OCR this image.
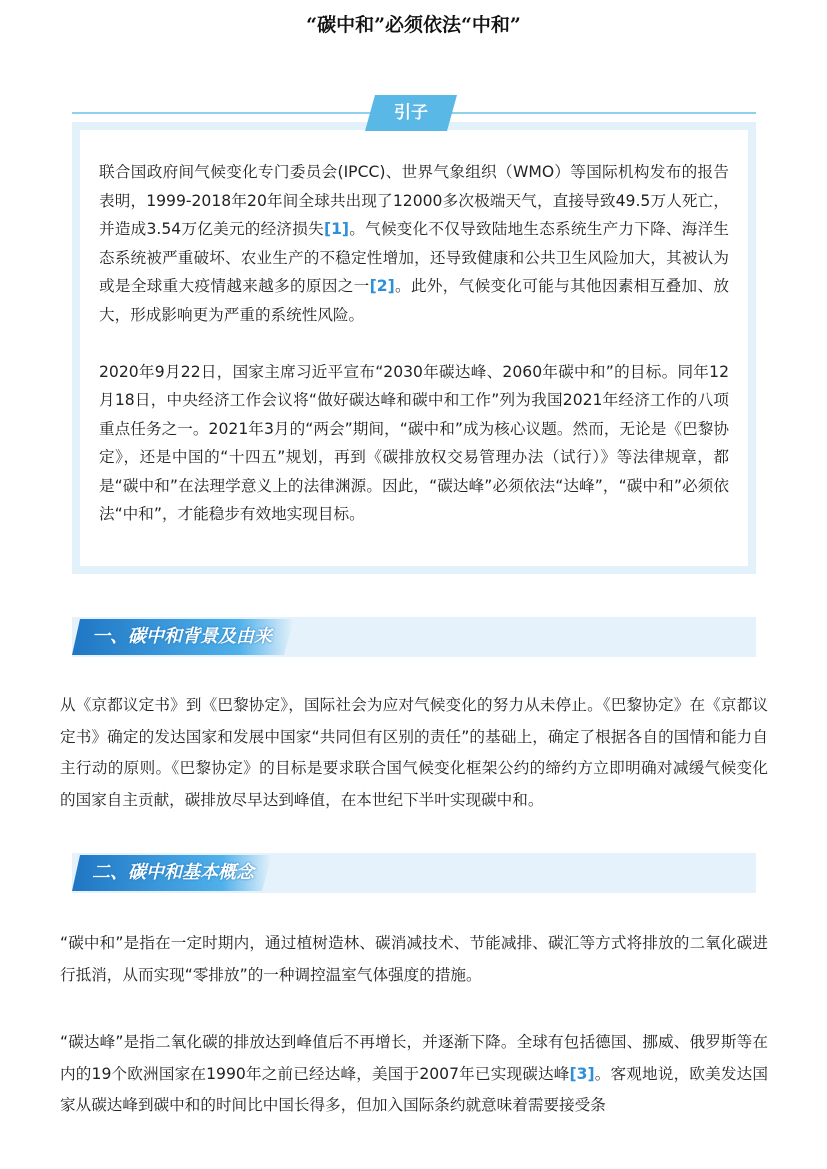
“碳中和”必须依法“中和”

联合国政府间气候变化专门委员会(IPCC)、世界气象组织（WMO）等国际机构发布的报告表明，1999-2018年20年间全球共出现了12000多次极端天气，直接导致49.5万人死亡，并造成3.54万亿美元的经济损失[1]。气候变化不仅导致陆地生态系统生产力下降、海洋生态系统被严重破坏、农业生产的不稳定性增加，还导致健康和公共卫生风险加大，其被认为或是全球重大疫情越来越多的原因之一[2]。此外，气候变化可能与其他因素相互叠加、放大，形成影响更为严重的系统性风险。

2020年9月22日，国家主席习近平宣布“2030年碳达峰、2060年碳中和”的目标。同年12月18日，中央经济工作会议将“做好碳达峰和碳中和工作”列为我国2021年经济工作的八项重点任务之一。2021年3月的“两会”期间，“碳中和”成为核心议题。然而，无论是《巴黎协定》，还是中国的“十四五”规划，再到《碳排放权交易管理办法（试行）》等法律规章，都是“碳中和”在法理学意义上的法律渊源。因此，“碳达峰”必须依法“达峰”，“碳中和”必须依法“中和”，才能稳步有效地实现目标。

引子
一、碳中和背景及由来

从《京都议定书》到《巴黎协定》，国际社会为应对气候变化的努力从未停止。《巴黎协定》在《京都议定书》确定的发达国家和发展中国家“共同但有区别的责任”的基础上，确定了根据各自的国情和能力自主行动的原则。《巴黎协定》的目标是要求联合国气候变化框架公约的缔约方立即明确对减缓气候变化的国家自主贡献，碳排放尽早达到峰值，在本世纪下半叶实现碳中和。

二、碳中和基本概念

“碳中和”是指在一定时期内，通过植树造林、碳消减技术、节能减排、碳汇等方式将排放的二氧化碳进行抵消，从而实现“零排放”的一种调控温室气体强度的措施。

“碳达峰”是指二氧化碳的排放达到峰值后不再增长，并逐渐下降。全球有包括德国、挪威、俄罗斯等在内的19个欧洲国家在1990年之前已经达峰，美国于2007年已实现碳达峰[3]。客观地说，欧美发达国家从碳达峰到碳中和的时间比中国长得多，但加入国际条约就意味着需要接受条
